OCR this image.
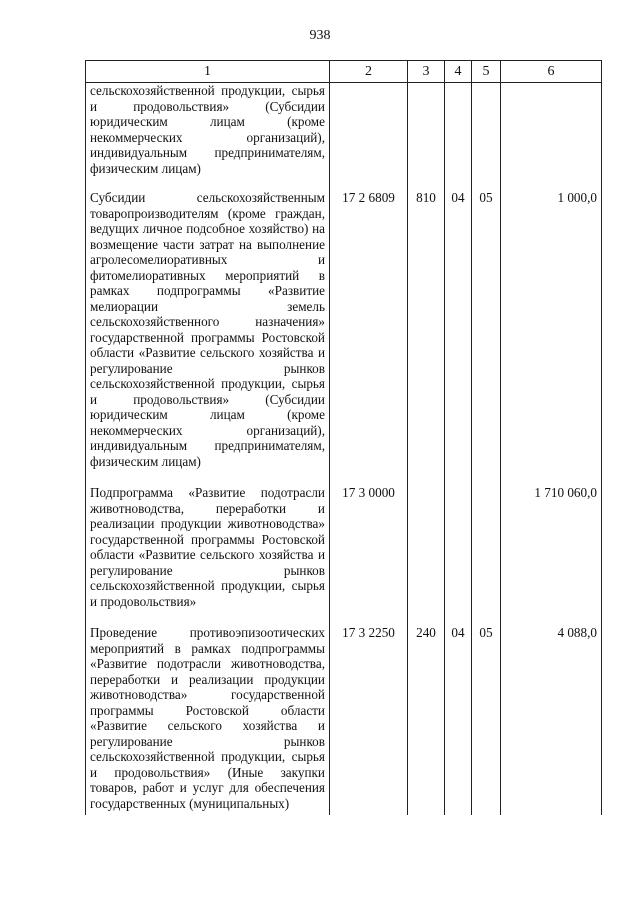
938
1	2	3	4	5	6
сельскохозяйственной продукции, сырья и продовольствия» (Субсидии юридическим лицам (кроме некоммерческих организаций), индивидуальным предпринимателям, физическим лицам)					
Субсидии сельскохозяйственным товаропроизводителям (кроме граждан, ведущих личное подсобное хозяйство) на возмещение части затрат на выполнение агролесомелиоративных и фитомелиоративных мероприятий в рамках подпрограммы «Развитие мелиорации земель сельскохозяйственного назначения» государственной программы Ростовской области «Развитие сельского хозяйства и регулирование рынков сельскохозяйственной продукции, сырья и продовольствия» (Субсидии юридическим лицам (кроме некоммерческих организаций), индивидуальным предпринимателям, физическим лицам)	17 2 6809	810	04	05	1 000,0
Подпрограмма «Развитие подотрасли животноводства, переработки и реализации продукции животноводства» государственной программы Ростовской области «Развитие сельского хозяйства и регулирование рынков сельскохозяйственной продукции, сырья и продовольствия»	17 3 0000				1 710 060,0
Проведение противоэпизоотических мероприятий в рамках подпрограммы «Развитие подотрасли животноводства, переработки и реализации продукции животноводства» государственной программы Ростовской области «Развитие сельского хозяйства и регулирование рынков сельскохозяйственной продукции, сырья и продовольствия» (Иные закупки товаров, работ и услуг для обеспечения государственных (муниципальных)	17 3 2250	240	04	05	4 088,0
